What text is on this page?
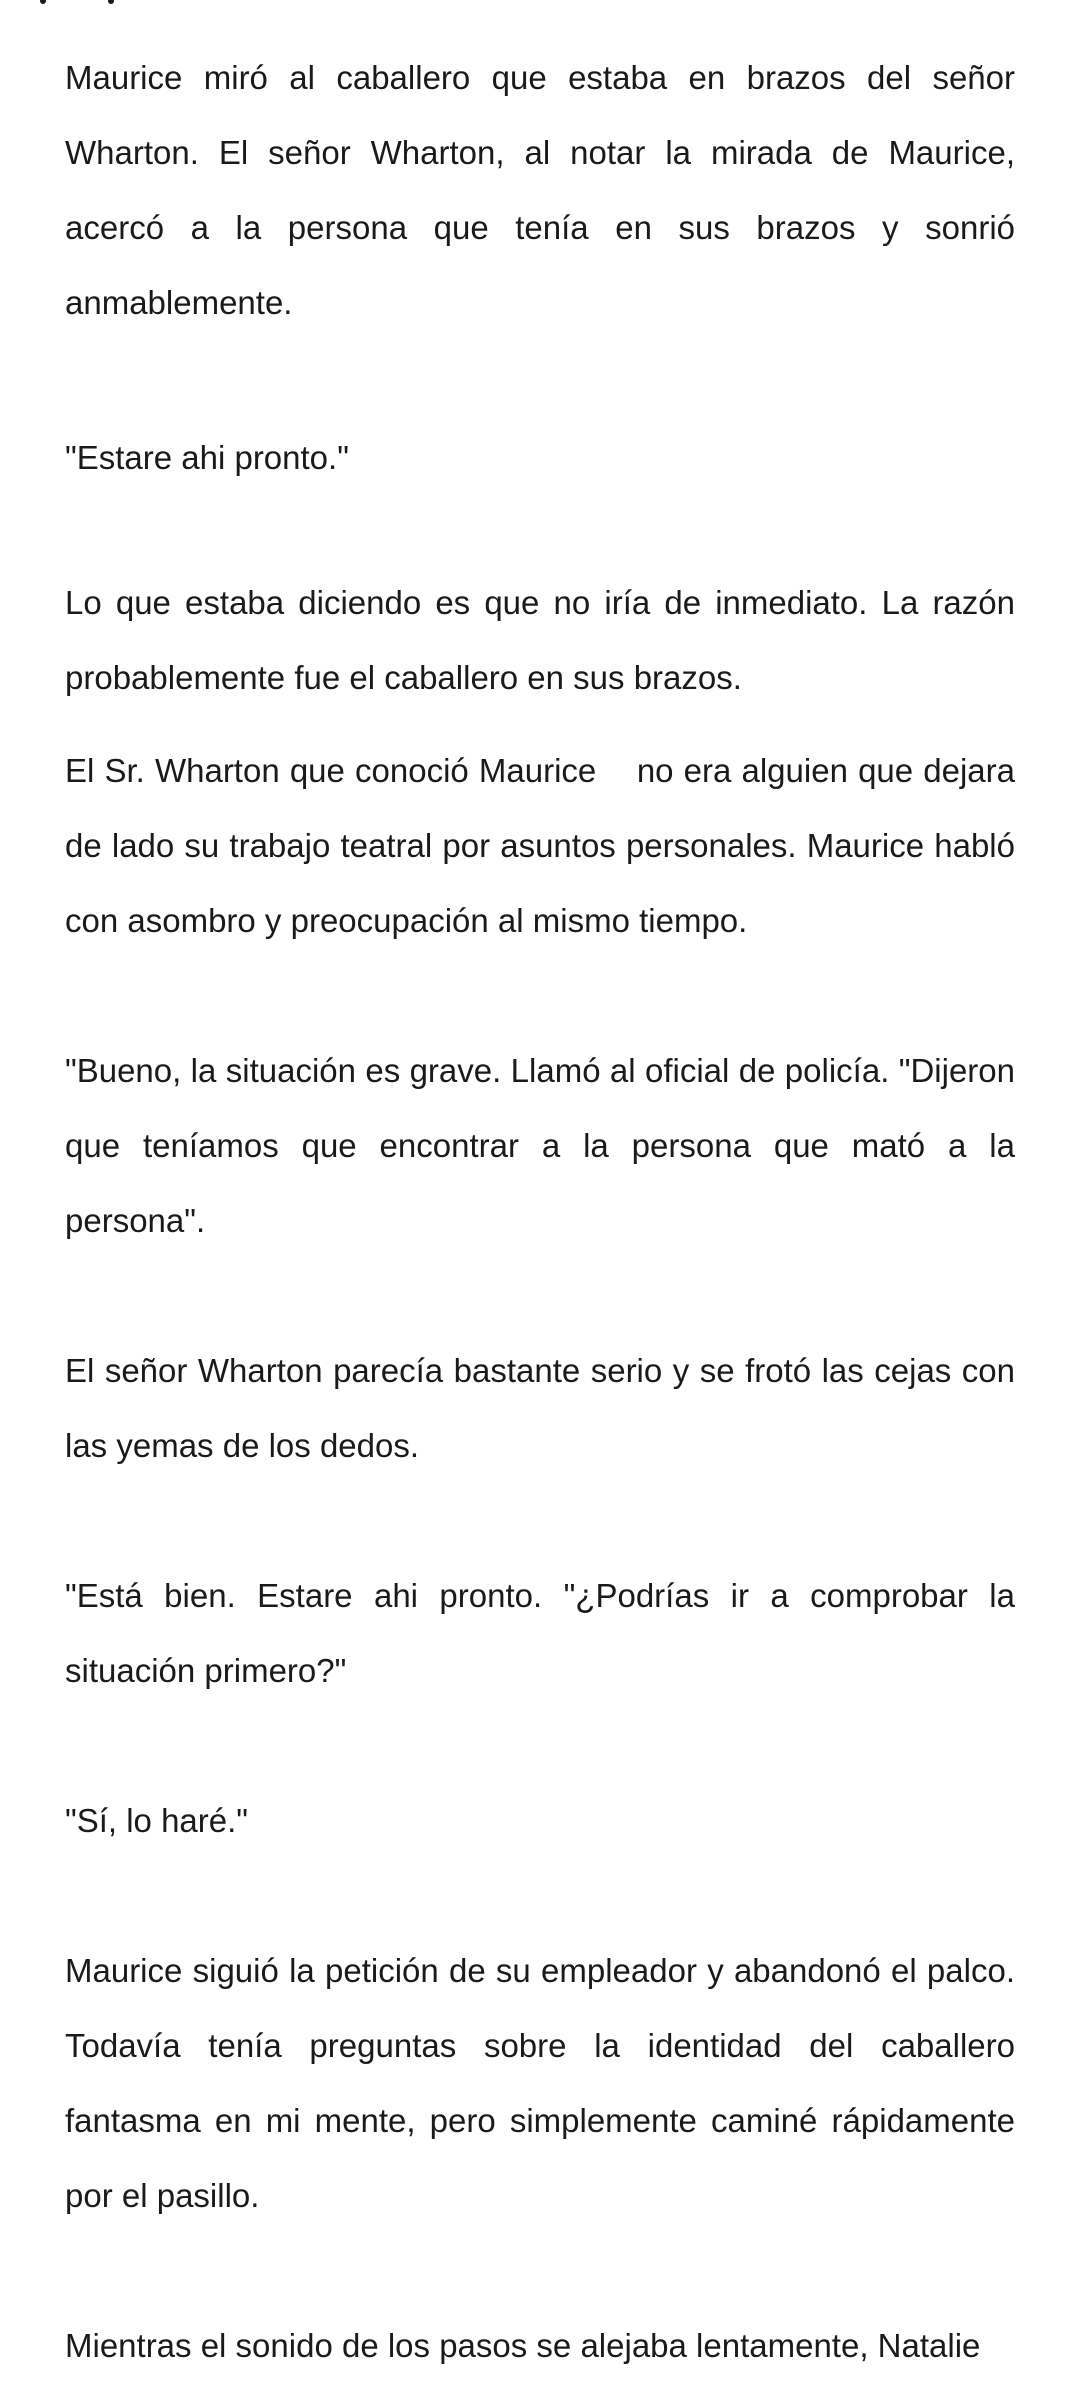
Maurice miró al caballero que estaba en brazos del señor Wharton. El señor Wharton, al notar la mirada de Maurice, acercó a la persona que tenía en sus brazos y sonrió anmablemente.

"Estare ahi pronto."

Lo que estaba diciendo es que no iría de inmediato. La razón probablemente fue el caballero en sus brazos.

El Sr. Wharton que conoció Maurice    no era alguien que dejara de lado su trabajo teatral por asuntos personales. Maurice habló con asombro y preocupación al mismo tiempo.

"Bueno, la situación es grave. Llamó al oficial de policía. "Dijeron que teníamos que encontrar a la persona que mató a la persona".

El señor Wharton parecía bastante serio y se frotó las cejas con las yemas de los dedos.

"Está bien. Estare ahi pronto. "¿Podrías ir a comprobar la situación primero?"

"Sí, lo haré."

Maurice siguió la petición de su empleador y abandonó el palco. Todavía tenía preguntas sobre la identidad del caballero fantasma en mi mente, pero simplemente caminé rápidamente por el pasillo.

Mientras el sonido de los pasos se alejaba lentamente, Natalie
